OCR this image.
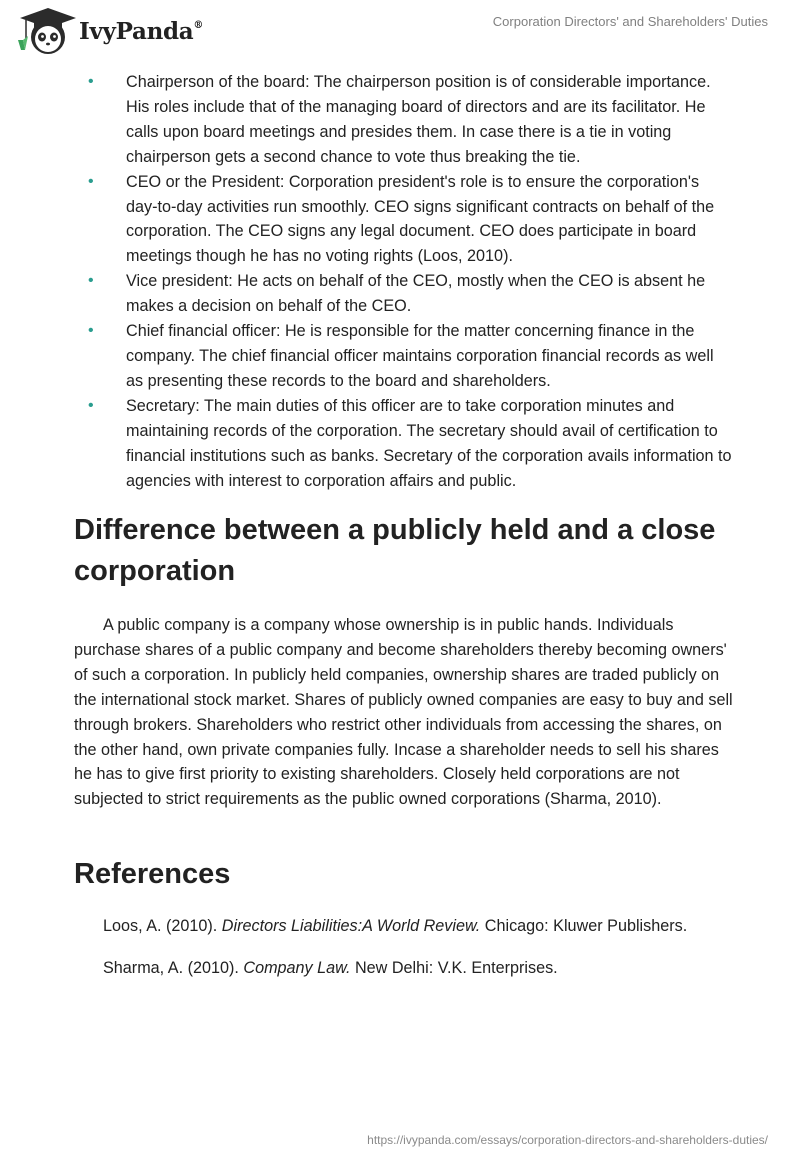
IvyPanda®	Corporation Directors' and Shareholders' Duties
• Chairperson of the board: The chairperson position is of considerable importance. His roles include that of the managing board of directors and are its facilitator. He calls upon board meetings and presides them. In case there is a tie in voting chairperson gets a second chance to vote thus breaking the tie.
• CEO or the President: Corporation president's role is to ensure the corporation's day-to-day activities run smoothly. CEO signs significant contracts on behalf of the corporation. The CEO signs any legal document. CEO does participate in board meetings though he has no voting rights (Loos, 2010).
• Vice president: He acts on behalf of the CEO, mostly when the CEO is absent he makes a decision on behalf of the CEO.
• Chief financial officer: He is responsible for the matter concerning finance in the company. The chief financial officer maintains corporation financial records as well as presenting these records to the board and shareholders.
• Secretary: The main duties of this officer are to take corporation minutes and maintaining records of the corporation. The secretary should avail of certification to financial institutions such as banks. Secretary of the corporation avails information to agencies with interest to corporation affairs and public.
Difference between a publicly held and a close corporation

A public company is a company whose ownership is in public hands. Individuals purchase shares of a public company and become shareholders thereby becoming owners' of such a corporation. In publicly held companies, ownership shares are traded publicly on the international stock market. Shares of publicly owned companies are easy to buy and sell through brokers. Shareholders who restrict other individuals from accessing the shares, on the other hand, own private companies fully. Incase a shareholder needs to sell his shares he has to give first priority to existing shareholders. Closely held corporations are not subjected to strict requirements as the public owned corporations (Sharma, 2010).

References

Loos, A. (2010). Directors Liabilities:A World Review. Chicago: Kluwer Publishers.

Sharma, A. (2010). Company Law. New Delhi: V.K. Enterprises.

https://ivypanda.com/essays/corporation-directors-and-shareholders-duties/
